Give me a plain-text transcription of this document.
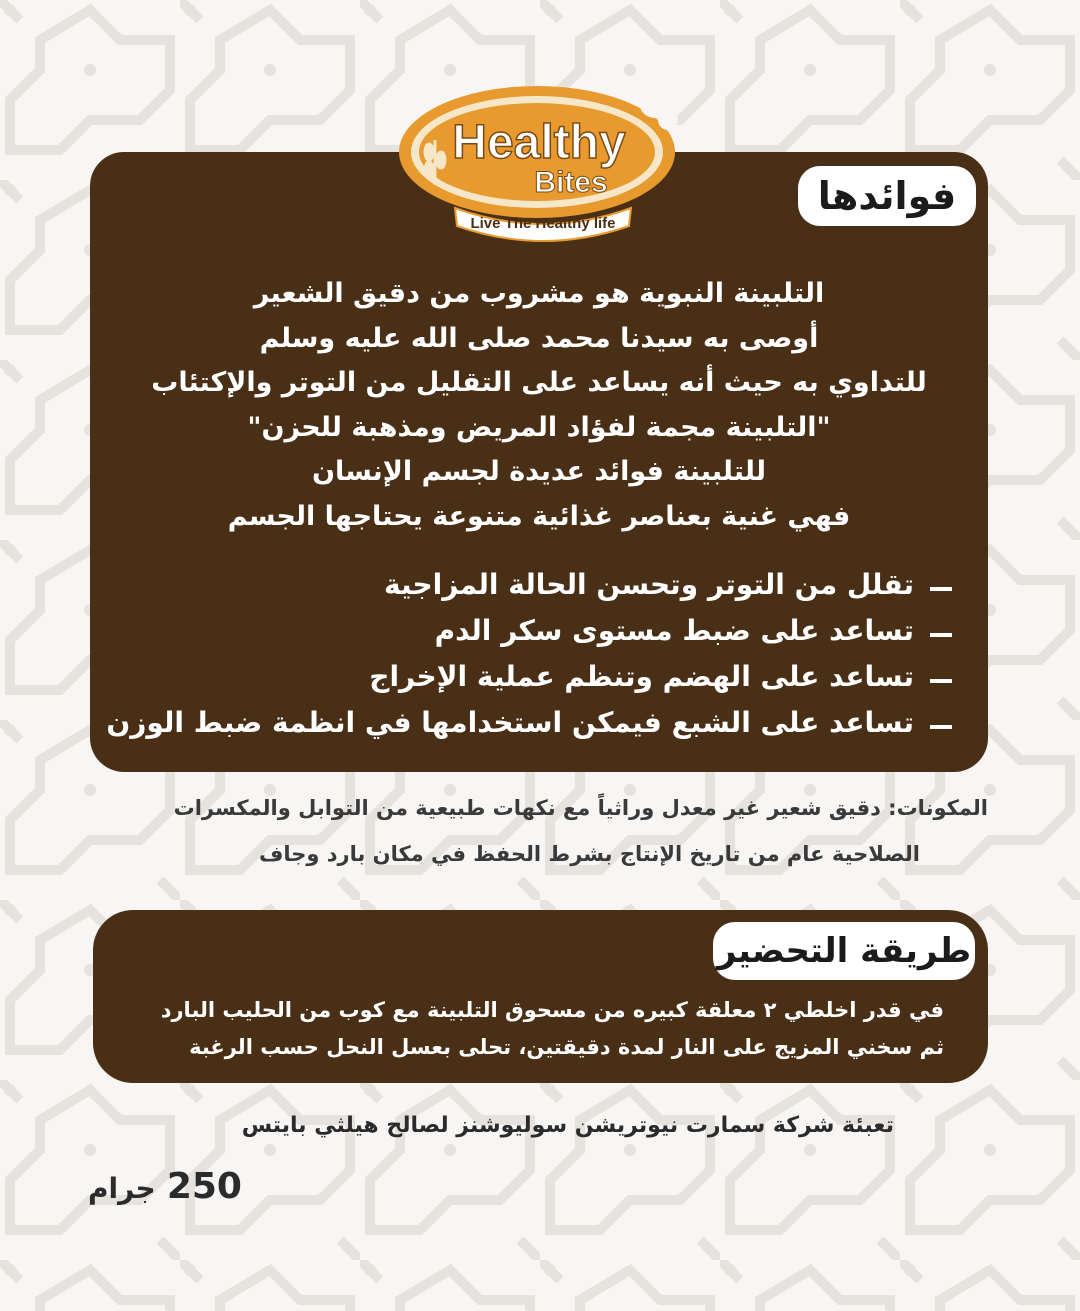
فوائدها
التلبينة النبوية هو مشروب من دقيق الشعير
أوصى به سيدنا محمد صلى الله عليه وسلم
للتداوي به حيث أنه يساعد على التقليل من التوتر والإكتئاب
"التلبينة مجمة لفؤاد المريض ومذهبة للحزن"
للتلبينة فوائد عديدة لجسم الإنسان
فهي غنية بعناصر غذائية متنوعة يحتاجها الجسم
تقلل من التوتر وتحسن الحالة المزاجية
تساعد على ضبط مستوى سكر الدم
تساعد على الهضم وتنظم عملية الإخراج
تساعد على الشبع فيمكن استخدامها في انظمة ضبط الوزن
Healthy
Bites
Live The Healthy life
المكونات: دقيق شعير غير معدل وراثياً مع نكهات طبيعية من التوابل والمكسرات
الصلاحية عام من تاريخ الإنتاج بشرط الحفظ في مكان بارد وجاف
طريقة التحضير
في قدر اخلطي ٢ معلقة كبيره من مسحوق التلبينة مع كوب من الحليب البارد
ثم سخني المزيج على النار لمدة دقيقتين، تحلى بعسل النحل حسب الرغبة
تعبئة شركة سمارت نيوتريشن سوليوشنز لصالح هيلثي بايتس
250 جرام
